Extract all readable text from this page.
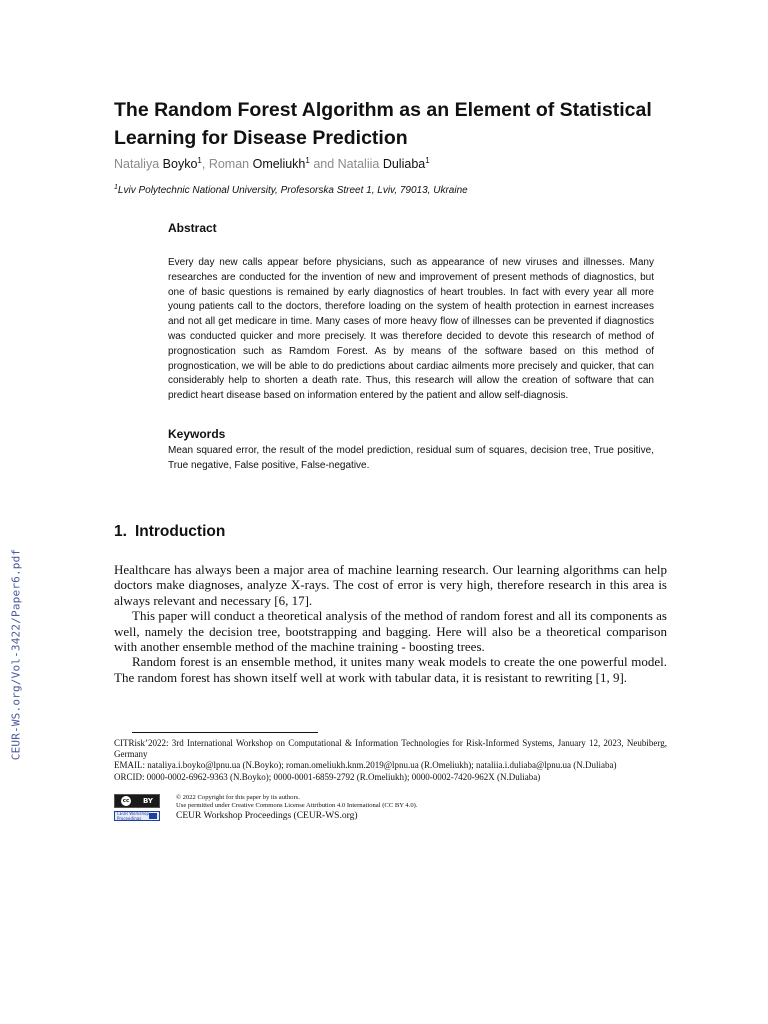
CEUR-WS.org/Vol-3422/Paper6.pdf
The Random Forest Algorithm as an Element of Statistical Learning for Disease Prediction
Nataliya Boyko$^1$, Roman Omeliukh$^1$ and Nataliia Duliaba$^1$
$^1$Lviv Polytechnic National University, Profesorska Street 1, Lviv, 79013, Ukraine
Abstract

Every day new calls appear before physicians, such as appearance of new viruses and illnesses. Many researches are conducted for the invention of new and improvement of present methods of diagnostics, but one of basic questions is remained by early diagnostics of heart troubles. In fact with every year all more young patients call to the doctors, therefore loading on the system of health protection in earnest increases and not all get medicare in time. Many cases of more heavy flow of illnesses can be prevented if diagnostics was conducted quicker and more precisely. It was therefore decided to devote this research of method of prognostication such as Ramdom Forest. As by means of the software based on this method of prognostication, we will be able to do predictions about cardiac ailments more precisely and quicker, that can considerably help to shorten a death rate. Thus, this research will allow the creation of software that can predict heart disease based on information entered by the patient and allow self-diagnosis.

Keywords

Mean squared error, the result of the model prediction, residual sum of squares, decision tree, True positive, True negative, False positive, False-negative.

1. Introduction

Healthcare has always been a major area of machine learning research. Our learning algorithms can help doctors make diagnoses, analyze X-rays. The cost of error is very high, therefore research in this area is always relevant and necessary [6, 17].

This paper will conduct a theoretical analysis of the method of random forest and all its components as well, namely the decision tree, bootstrapping and bagging. Here will also be a theoretical comparison with another ensemble method of the machine training - boosting trees.

Random forest is an ensemble method, it unites many weak models to create the one powerful model. The random forest has shown itself well at work with tabular data, it is resistant to rewriting [1, 9].

CITRisk’2022: 3rd International Workshop on Computational & Information Technologies for Risk-Informed Systems, January 12, 2023, Neubiberg, Germany

EMAIL: nataliya.i.boyko@lpnu.ua (N.Boyko); roman.omeliukh.knm.2019@lpnu.ua (R.Omeliukh); nataliia.i.duliaba@lpnu.ua (N.Duliaba)

ORCID: 0000-0002-6962-9363 (N.Boyko); 0000-0001-6859-2792 (R.Omeliukh); 0000-0002-7420-962X (N.Duliaba)

cc BY	© 2022 Copyright for this paper by its authors.
Use permitted under Creative Commons License Attribution 4.0 International (CC BY 4.0).
CEUR Workshop Proceedings	CEUR Workshop Proceedings (CEUR-WS.org)
